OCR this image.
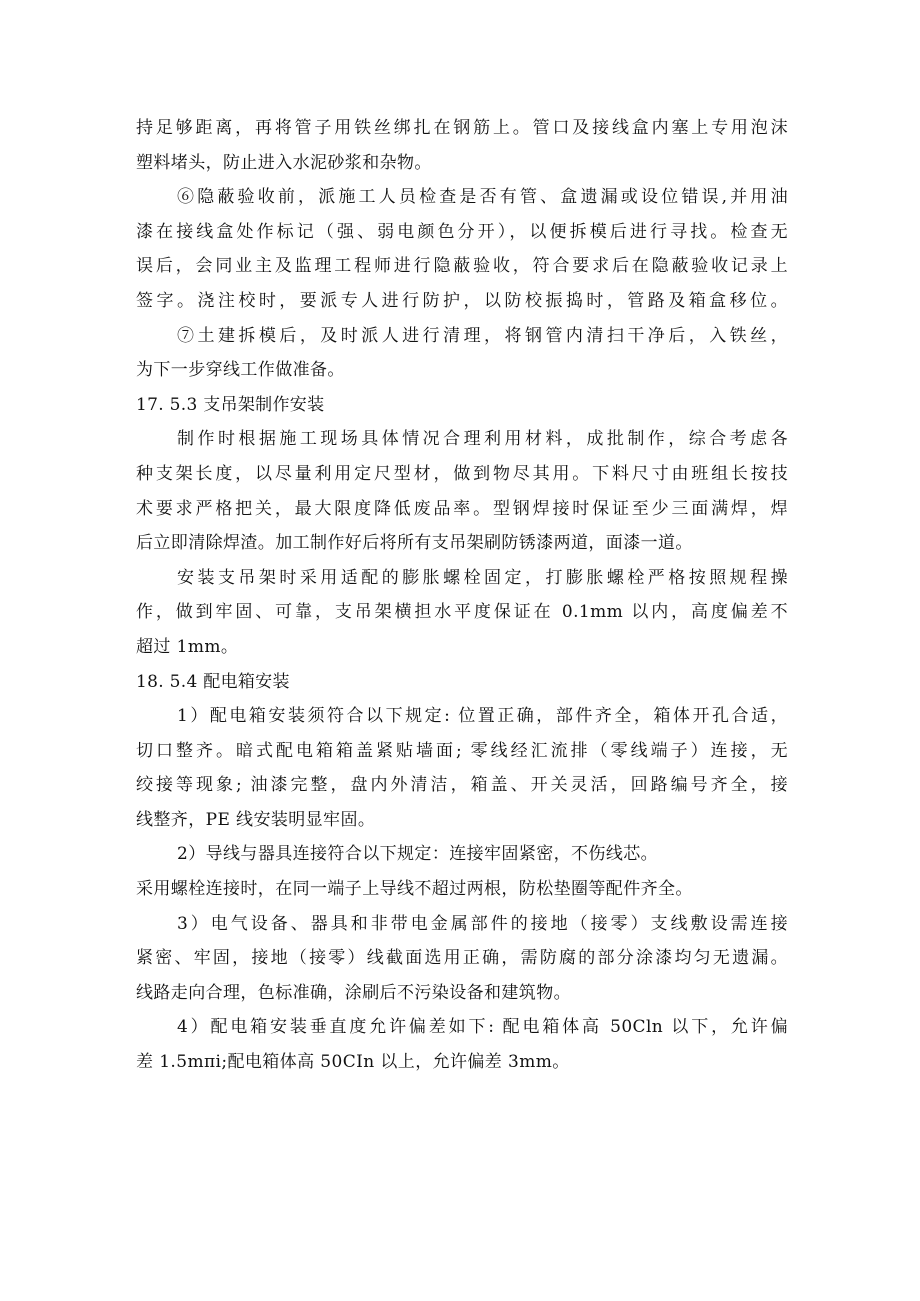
持足够距离，再将管子用铁丝绑扎在钢筋上。管口及接线盒内塞上专用泡沫
塑料堵头，防止进入水泥砂浆和杂物。
⑥隐蔽验收前，派施工人员检查是否有管、盒遗漏或设位错误,并用油
漆在接线盒处作标记（强、弱电颜色分开），以便拆模后进行寻找。检查无
误后，会同业主及监理工程师进行隐蔽验收，符合要求后在隐蔽验收记录上
签字。浇注校时，要派专人进行防护，以防校振捣时，管路及箱盒移位。
⑦土建拆模后，及时派人进行清理，将钢管内清扫干净后，入铁丝，
为下一步穿线工作做准备。
17. 5.3 支吊架制作安装
制作时根据施工现场具体情况合理利用材料，成批制作，综合考虑各
种支架长度，以尽量利用定尺型材，做到物尽其用。下料尺寸由班组长按技
术要求严格把关，最大限度降低废品率。型钢焊接时保证至少三面满焊，焊
后立即清除焊渣。加工制作好后将所有支吊架刷防锈漆两道，面漆一道。
安装支吊架时采用适配的膨胀螺栓固定，打膨胀螺栓严格按照规程操
作，做到牢固、可靠，支吊架横担水平度保证在 0.1mm 以内，高度偏差不
超过 1mm。
18. 5.4 配电箱安装
1）配电箱安装须符合以下规定: 位置正确，部件齐全，箱体开孔合适，
切口整齐。暗式配电箱箱盖紧贴墙面; 零线经汇流排（零线端子）连接，无
绞接等现象; 油漆完整，盘内外清洁，箱盖、开关灵活，回路编号齐全，接
线整齐，PE 线安装明显牢固。
2）导线与器具连接符合以下规定：连接牢固紧密，不伤线芯。
采用螺栓连接时，在同一端子上导线不超过两根，防松垫圈等配件齐全。
3）电气设备、器具和非带电金属部件的接地（接零）支线敷设需连接
紧密、牢固，接地（接零）线截面选用正确，需防腐的部分涂漆均匀无遗漏。
线路走向合理，色标准确，涂刷后不污染设备和建筑物。
4）配电箱安装垂直度允许偏差如下: 配电箱体高 50Cln 以下，允许偏
差 1.5mπi;配电箱体高 50CIn 以上，允许偏差 3mm。
